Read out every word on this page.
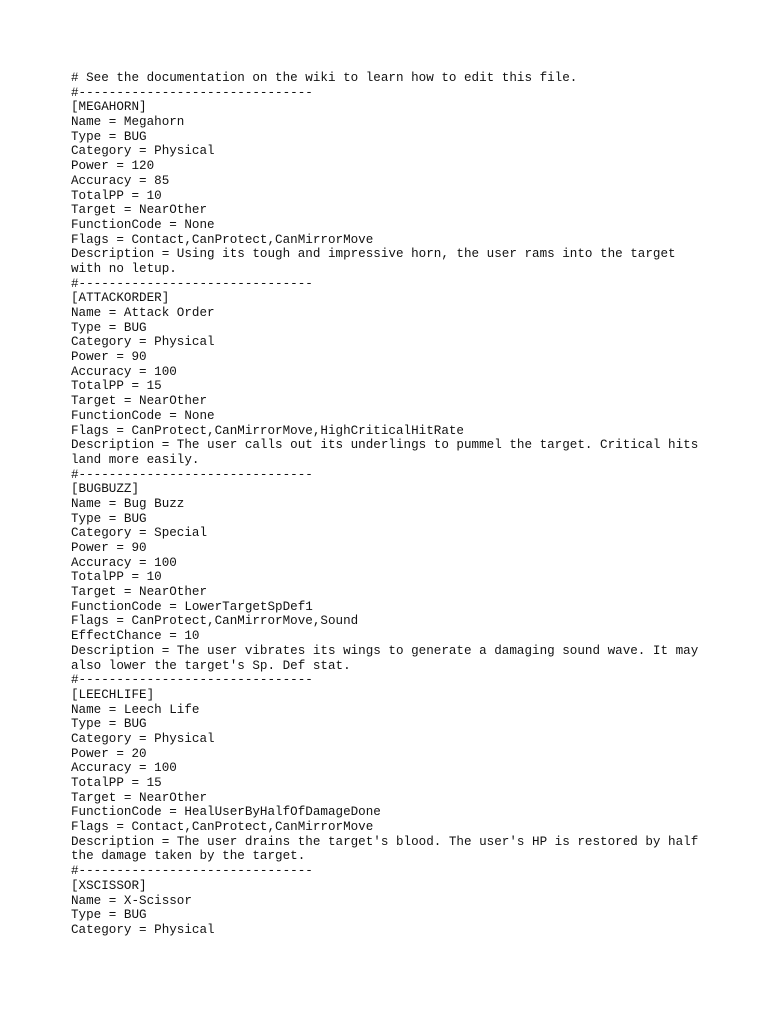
# See the documentation on the wiki to learn how to edit this file.
#-------------------------------
[MEGAHORN]
Name = Megahorn
Type = BUG
Category = Physical
Power = 120
Accuracy = 85
TotalPP = 10
Target = NearOther
FunctionCode = None
Flags = Contact,CanProtect,CanMirrorMove
Description = Using its tough and impressive horn, the user rams into the target
with no letup.
#-------------------------------
[ATTACKORDER]
Name = Attack Order
Type = BUG
Category = Physical
Power = 90
Accuracy = 100
TotalPP = 15
Target = NearOther
FunctionCode = None
Flags = CanProtect,CanMirrorMove,HighCriticalHitRate
Description = The user calls out its underlings to pummel the target. Critical hits
land more easily.
#-------------------------------
[BUGBUZZ]
Name = Bug Buzz
Type = BUG
Category = Special
Power = 90
Accuracy = 100
TotalPP = 10
Target = NearOther
FunctionCode = LowerTargetSpDef1
Flags = CanProtect,CanMirrorMove,Sound
EffectChance = 10
Description = The user vibrates its wings to generate a damaging sound wave. It may
also lower the target's Sp. Def stat.
#-------------------------------
[LEECHLIFE]
Name = Leech Life
Type = BUG
Category = Physical
Power = 20
Accuracy = 100
TotalPP = 15
Target = NearOther
FunctionCode = HealUserByHalfOfDamageDone
Flags = Contact,CanProtect,CanMirrorMove
Description = The user drains the target's blood. The user's HP is restored by half
the damage taken by the target.
#-------------------------------
[XSCISSOR]
Name = X-Scissor
Type = BUG
Category = Physical
